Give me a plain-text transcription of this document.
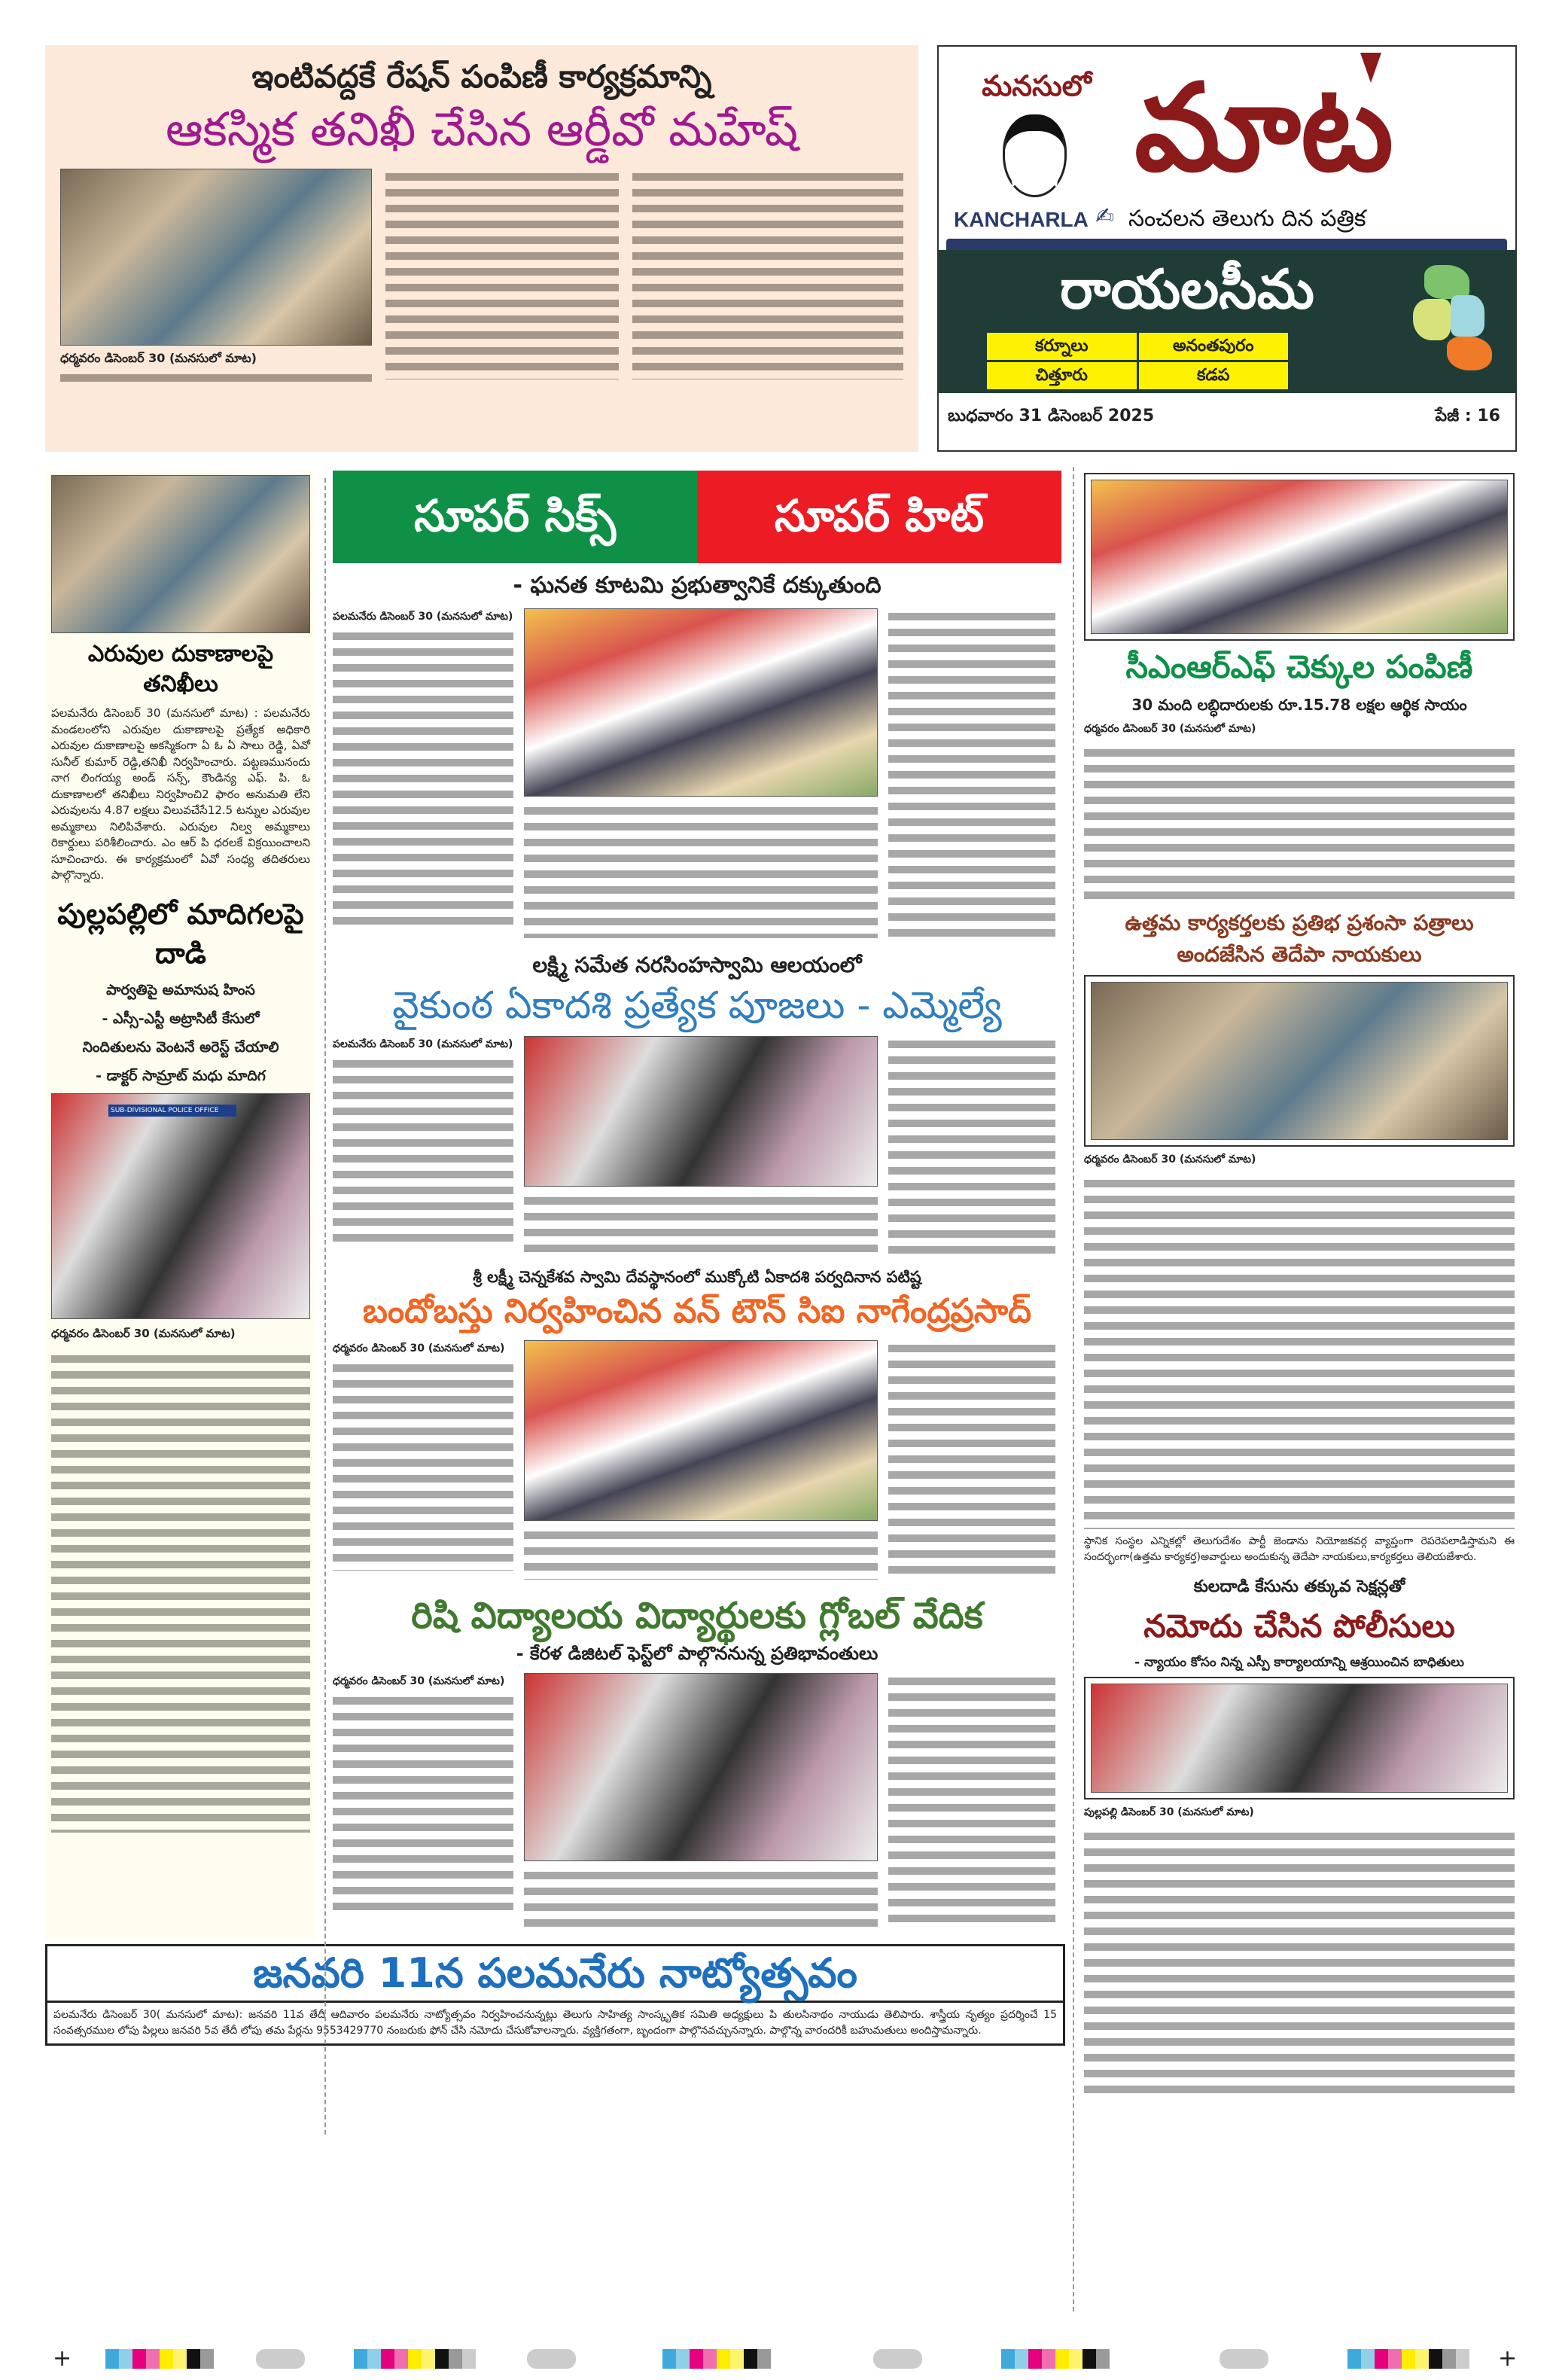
ఇంటివద్దకే రేషన్ పంపిణీ కార్యక్రమాన్ని
ఆకస్మిక తనిఖీ చేసిన ఆర్డీవో మహేష్
ధర్మవరం డిసెంబర్ 30 (మనసులో మాట)
మనసులో మాట
KANCHARLA ✍ సంచలన తెలుగు దిన పత్రిక
రాయలసీమ
కర్నూలు	అనంతపురం
చిత్తూరు	కడప
బుధవారం 31 డిసెంబర్ 2025	పేజీ : 16
ఎరువుల దుకాణాలపై తనిఖీలు
పలమనేరు డిసెంబర్ 30 (మనసులో మాట) : పలమనేరు మండలంలోని ఎరువుల దుకాణాలపై ప్రత్యేక అధికారి ఎరువుల దుకాణాలపై అకస్మికంగా ఏ ఓ ఏ సాలు రెడ్డి, ఏవో సునీల్ కుమార్ రెడ్డి,తనిఖీ నిర్వహించారు. పట్టణమునందు నాగ లింగయ్య అండ్ సన్స్, కౌండిన్య ఎఫ్. పి. ఓ దుకాణాలలో తనిఖీలు నిర్వహించి2 ఫారం అనుమతి లేని ఎరువులను 4.87 లక్షలు విలువచేసే12.5 టన్నుల ఎరువుల అమ్మకాలు నిలిపివేశారు. ఎరువుల నిల్వ అమ్మకాలు రికార్డులు పరిశీలించారు. ఎం ఆర్ పి ధరలకే విక్రయించాలని సూచించారు. ఈ కార్యక్రమంలో ఏవో సంధ్య తదితరులు పాల్గొన్నారు.
పుల్లపల్లిలో మాదిగలపై దాడి
పార్వతిపై అమానుష హింస
- ఎస్సీ-ఎస్టీ అట్రాసిటీ కేసులో
నిందితులను వెంటనే అరెస్ట్ చేయాలి
- డాక్టర్ సామ్రాట్ మధు మాదిగ
SUB-DIVISIONAL POLICE OFFICE
ధర్మవరం డిసెంబర్ 30 (మనసులో మాట)
సూపర్ సిక్స్	సూపర్ హిట్
- ఘనత కూటమి ప్రభుత్వానికే దక్కుతుంది
పలమనేరు డిసెంబర్ 30 (మనసులో మాట)
లక్ష్మి సమేత నరసింహస్వామి ఆలయంలో
వైకుంఠ ఏకాదశి ప్రత్యేక పూజలు - ఎమ్మెల్యే
పలమనేరు డిసెంబర్ 30 (మనసులో మాట)
శ్రీ లక్ష్మీ చెన్నకేశవ స్వామి దేవస్థానంలో ముక్కోటి ఏకాదశి పర్వదినాన పటిష్ట
బందోబస్తు నిర్వహించిన వన్ టౌన్ సిఐ నాగేంద్రప్రసాద్
ధర్మవరం డిసెంబర్ 30 (మనసులో మాట)
రిషి విద్యాలయ విద్యార్థులకు గ్లోబల్ వేదిక
- కేరళ డిజిటల్ ఫెస్ట్‌లో పాల్గొననున్న ప్రతిభావంతులు
ధర్మవరం డిసెంబర్ 30 (మనసులో మాట)
జనవరి 11న పలమనేరు నాట్యోత్సవం
పలమనేరు డిసెంబర్ 30( మనసులో మాట): జనవరి 11వ తేదీ ఆదివారం పలమనేరు నాట్యోత్సవం నిర్వహించనున్నట్లు తెలుగు సాహిత్య సాంస్కృతిక సమితి అధ్యక్షులు పి తులసినాథం నాయుడు తెలిపారు. శాస్త్రీయ నృత్యం ప్రదర్శించే 15 సంవత్సరముల లోపు పిల్లలు జనవరి 5వ తేదీ లోపు తమ పేర్లను 9553429770 నంబరుకు ఫోన్ చేసి నమోదు చేసుకోవాలన్నారు. వ్యక్తిగతంగా, బృందంగా పాల్గొనవచ్చునన్నారు. పాల్గొన్న వారందరికీ బహుమతులు అందిస్తామన్నారు.
సీఎంఆర్ఎఫ్ చెక్కుల పంపిణీ
30 మంది లబ్ధిదారులకు రూ.15.78 లక్షల ఆర్థిక సాయం
ధర్మవరం డిసెంబర్ 30 (మనసులో మాట)
ఉత్తమ కార్యకర్తలకు ప్రతిభ ప్రశంసా పత్రాలు అందజేసిన తెదేపా నాయకులు
ధర్మవరం డిసెంబర్ 30 (మనసులో మాట)
స్థానిక సంస్థల ఎన్నికల్లో తెలుగుదేశం పార్టీ జెండాను నియోజకవర్గ వ్యాప్తంగా రెపరెపలాడిస్తామని ఈ సందర్భంగా(ఉత్తమ కార్యకర్త)అవార్డులు అందుకున్న తెదేపా నాయకులు,కార్యకర్తలు తెలియజేశారు.
కులదాడి కేసును తక్కువ సెక్షన్లతో
నమోదు చేసిన పోలీసులు
- న్యాయం కోసం నిన్న ఎస్పీ కార్యాలయాన్ని ఆశ్రయించిన బాధితులు
పుల్లపల్లి డిసెంబర్ 30 (మనసులో మాట)
+	+
